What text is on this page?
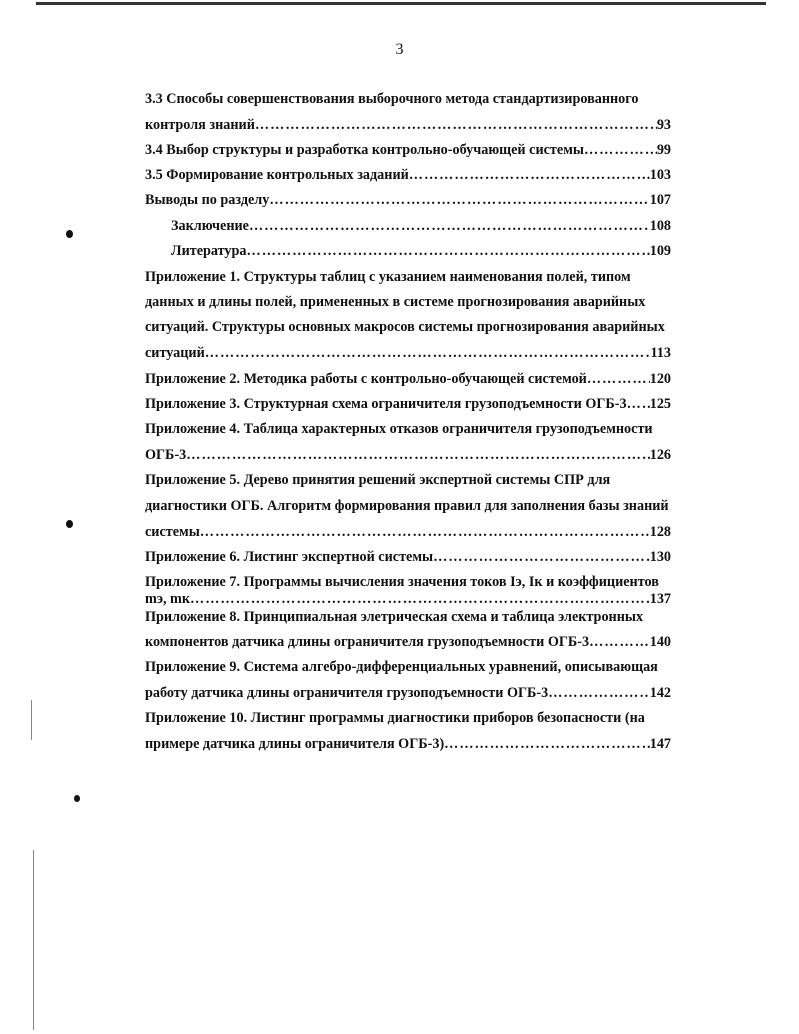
3
3.3 Способы совершенствования выборочного метода стандартизированного
контроля знаний …………………………………………………………………………………………………………………………………………………………	93
3.4 Выбор структуры и разработка контрольно-обучающей системы …………………………………………………………………………………………………………………………………………………………	99
3.5 Формирование контрольных заданий …………………………………………………………………………………………………………………………………………………………	103
Выводы по разделу …………………………………………………………………………………………………………………………………………………………	107
Заключение …………………………………………………………………………………………………………………………………………………………	108
Литература …………………………………………………………………………………………………………………………………………………………	109
Приложение 1. Структуры таблиц с указанием наименования полей, типом
данных и длины полей, примененных в системе прогнозирования аварийных
ситуаций. Структуры основных макросов системы прогнозирования аварийных
ситуаций …………………………………………………………………………………………………………………………………………………………	113
Приложение 2. Методика работы с контрольно-обучающей системой …………………………………………………………………………………………………………………………………………………………	120
Приложение 3. Структурная схема ограничителя грузоподъемности ОГБ-3 ………………………………………………………………………………………………………………………………………………………… 125
Приложение 4. Таблица характерных отказов ограничителя грузоподъемности
ОГБ-3 …………………………………………………………………………………………………………………………………………………………	126
Приложение 5. Дерево принятия решений экспертной системы СПР для
диагностики ОГБ. Алгоритм формирования правил для заполнения базы знаний
системы …………………………………………………………………………………………………………………………………………………………	128
Приложение 6. Листинг экспертной системы …………………………………………………………………………………………………………………………………………………………	130
Приложение 7. Программы вычисления значения токов Iэ, Iк и коэффициентов
mэ, mк …………………………………………………………………………………………………………………………………………………………	137
Приложение 8. Принципиальная элетрическая схема и таблица электронных
компонентов датчика длины ограничителя грузоподъемности ОГБ-3 …………………………………………………………………………………………………………………………………………………………	140
Приложение 9. Система алгебро-дифференциальных уравнений, описывающая
работу датчика длины ограничителя грузоподъемности ОГБ-3 …………………………………………………………………………………………………………………………………………………………	142
Приложение 10. Листинг программы диагностики приборов безопасности (на
примере датчика длины ограничителя ОГБ-3) …………………………………………………………………………………………………………………………………………………………	147
